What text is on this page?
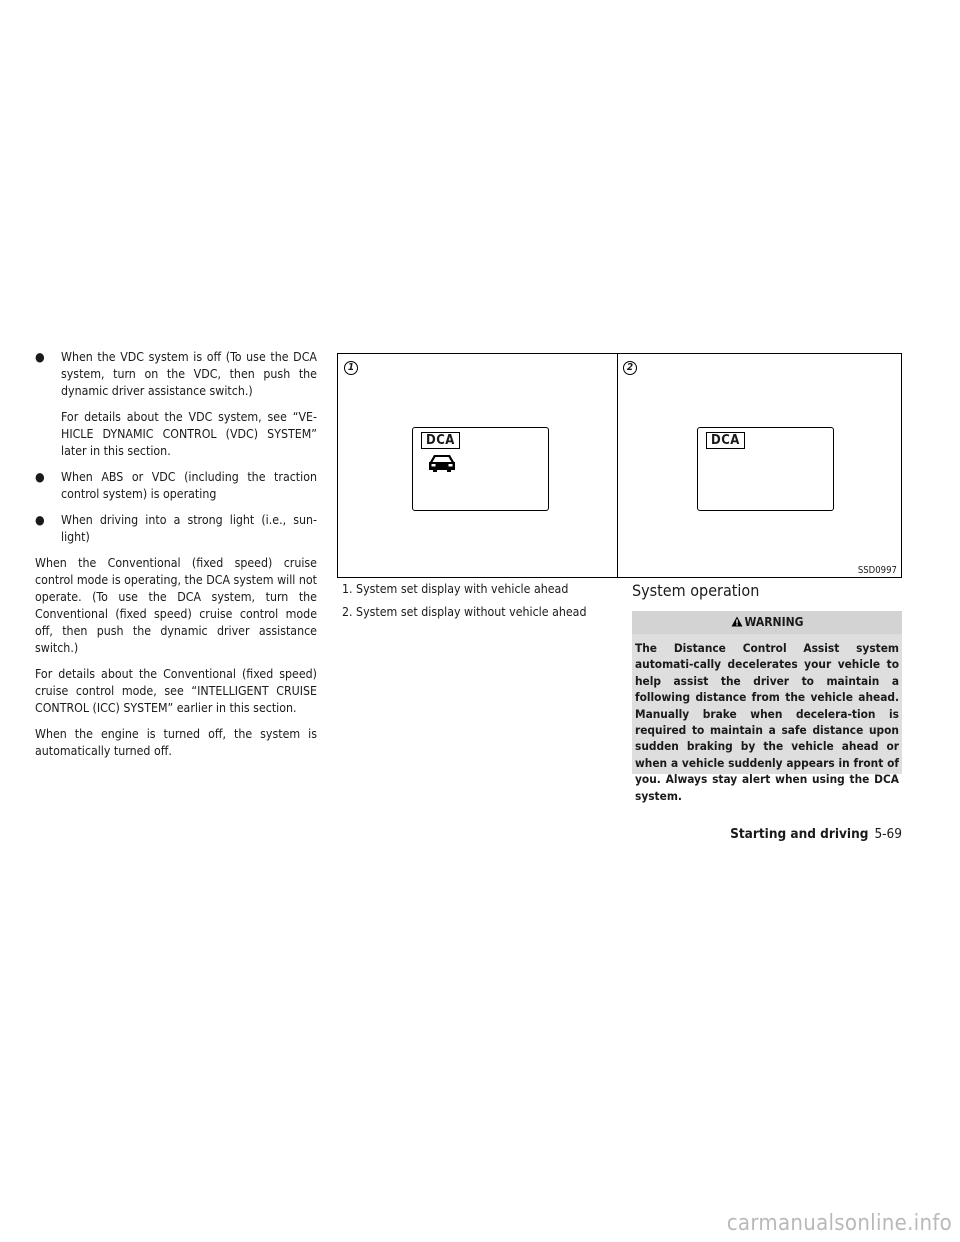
● When the VDC system is off (To use the DCA system, turn on the VDC, then push the dynamic driver assistance switch.)

For details about the VDC system, see “VE-HICLE DYNAMIC CONTROL (VDC) SYSTEM” later in this section.

● When ABS or VDC (including the traction control system) is operating

● When driving into a strong light (i.e., sun-light)

When the Conventional (fixed speed) cruise control mode is operating, the DCA system will not operate. (To use the DCA system, turn the Conventional (fixed speed) cruise control mode off, then push the dynamic driver assistance switch.)

For details about the Conventional (fixed speed) cruise control mode, see “INTELLIGENT CRUISE CONTROL (ICC) SYSTEM” earlier in this section.

When the engine is turned off, the system is automatically turned off.

1	2
DCA	DCA
SSD0997

1. System set display with vehicle ahead

2. System set display without vehicle ahead

System operation

WARNING

The Distance Control Assist system automati-cally decelerates your vehicle to help assist the driver to maintain a following distance from the vehicle ahead. Manually brake when decelera-tion is required to maintain a safe distance upon sudden braking by the vehicle ahead or when a vehicle suddenly appears in front of you. Always stay alert when using the DCA system.

Starting and driving 5-69
carmanualsonline.info
